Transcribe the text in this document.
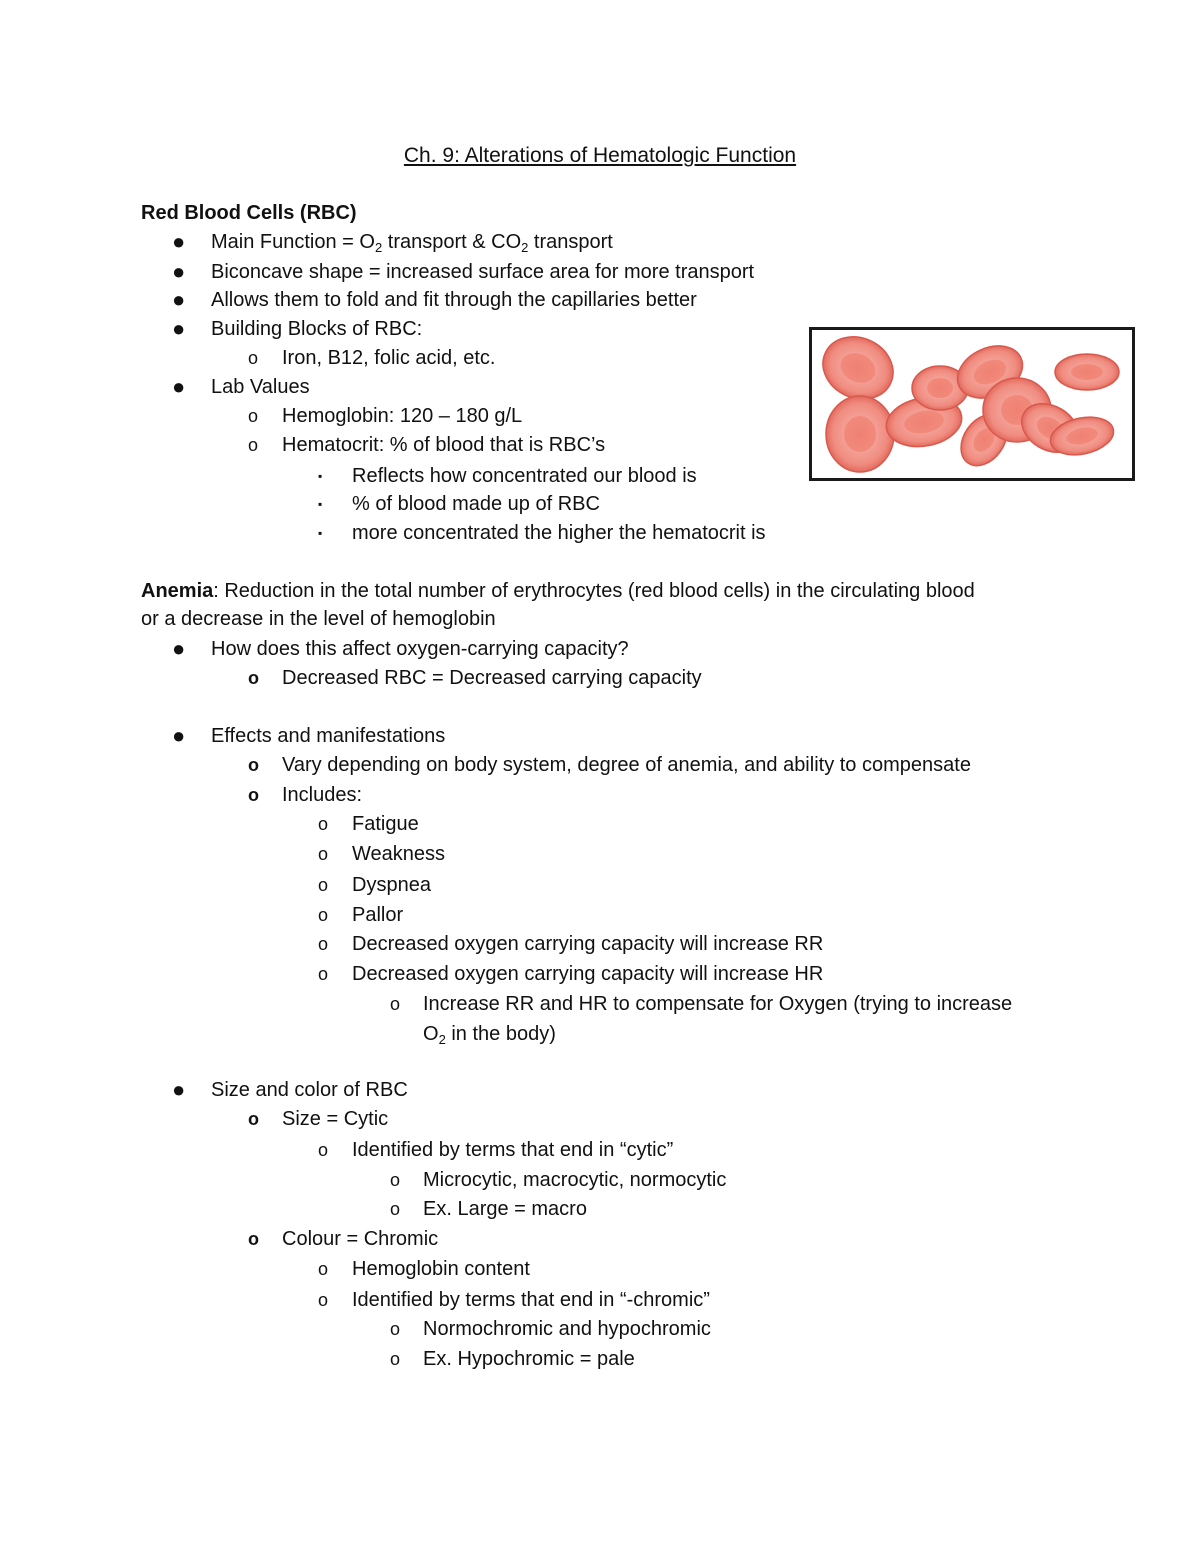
Ch. 9: Alterations of Hematologic Function
Red Blood Cells (RBC)
● Main Function = $O_2$ transport & $CO_2$ transport
● Biconcave shape = increased surface area for more transport
● Allows them to fold and fit through the capillaries better
● Building Blocks of RBC:
o Iron, B12, folic acid, etc.
● Lab Values
o Hemoglobin: 120 – 180 g/L
o Hematocrit: % of blood that is RBC’s
▪ Reflects how concentrated our blood is
▪ % of blood made up of RBC
▪ more concentrated the higher the hematocrit is
Anemia: Reduction in the total number of erythrocytes (red blood cells) in the circulating blood
or a decrease in the level of hemoglobin
● How does this affect oxygen-carrying capacity?
o Decreased RBC = Decreased carrying capacity
● Effects and manifestations
o Vary depending on body system, degree of anemia, and ability to compensate
o Includes:
o Fatigue
o Weakness
o Dyspnea
o Pallor
o Decreased oxygen carrying capacity will increase RR
o Decreased oxygen carrying capacity will increase HR
o Increase RR and HR to compensate for Oxygen (trying to increase
$O_2$ in the body)
● Size and color of RBC
o Size = Cytic
o Identified by terms that end in “cytic”
o Microcytic, macrocytic, normocytic
o Ex. Large = macro
o Colour = Chromic
o Hemoglobin content
o Identified by terms that end in “-chromic”
o Normochromic and hypochromic
o Ex. Hypochromic = pale
